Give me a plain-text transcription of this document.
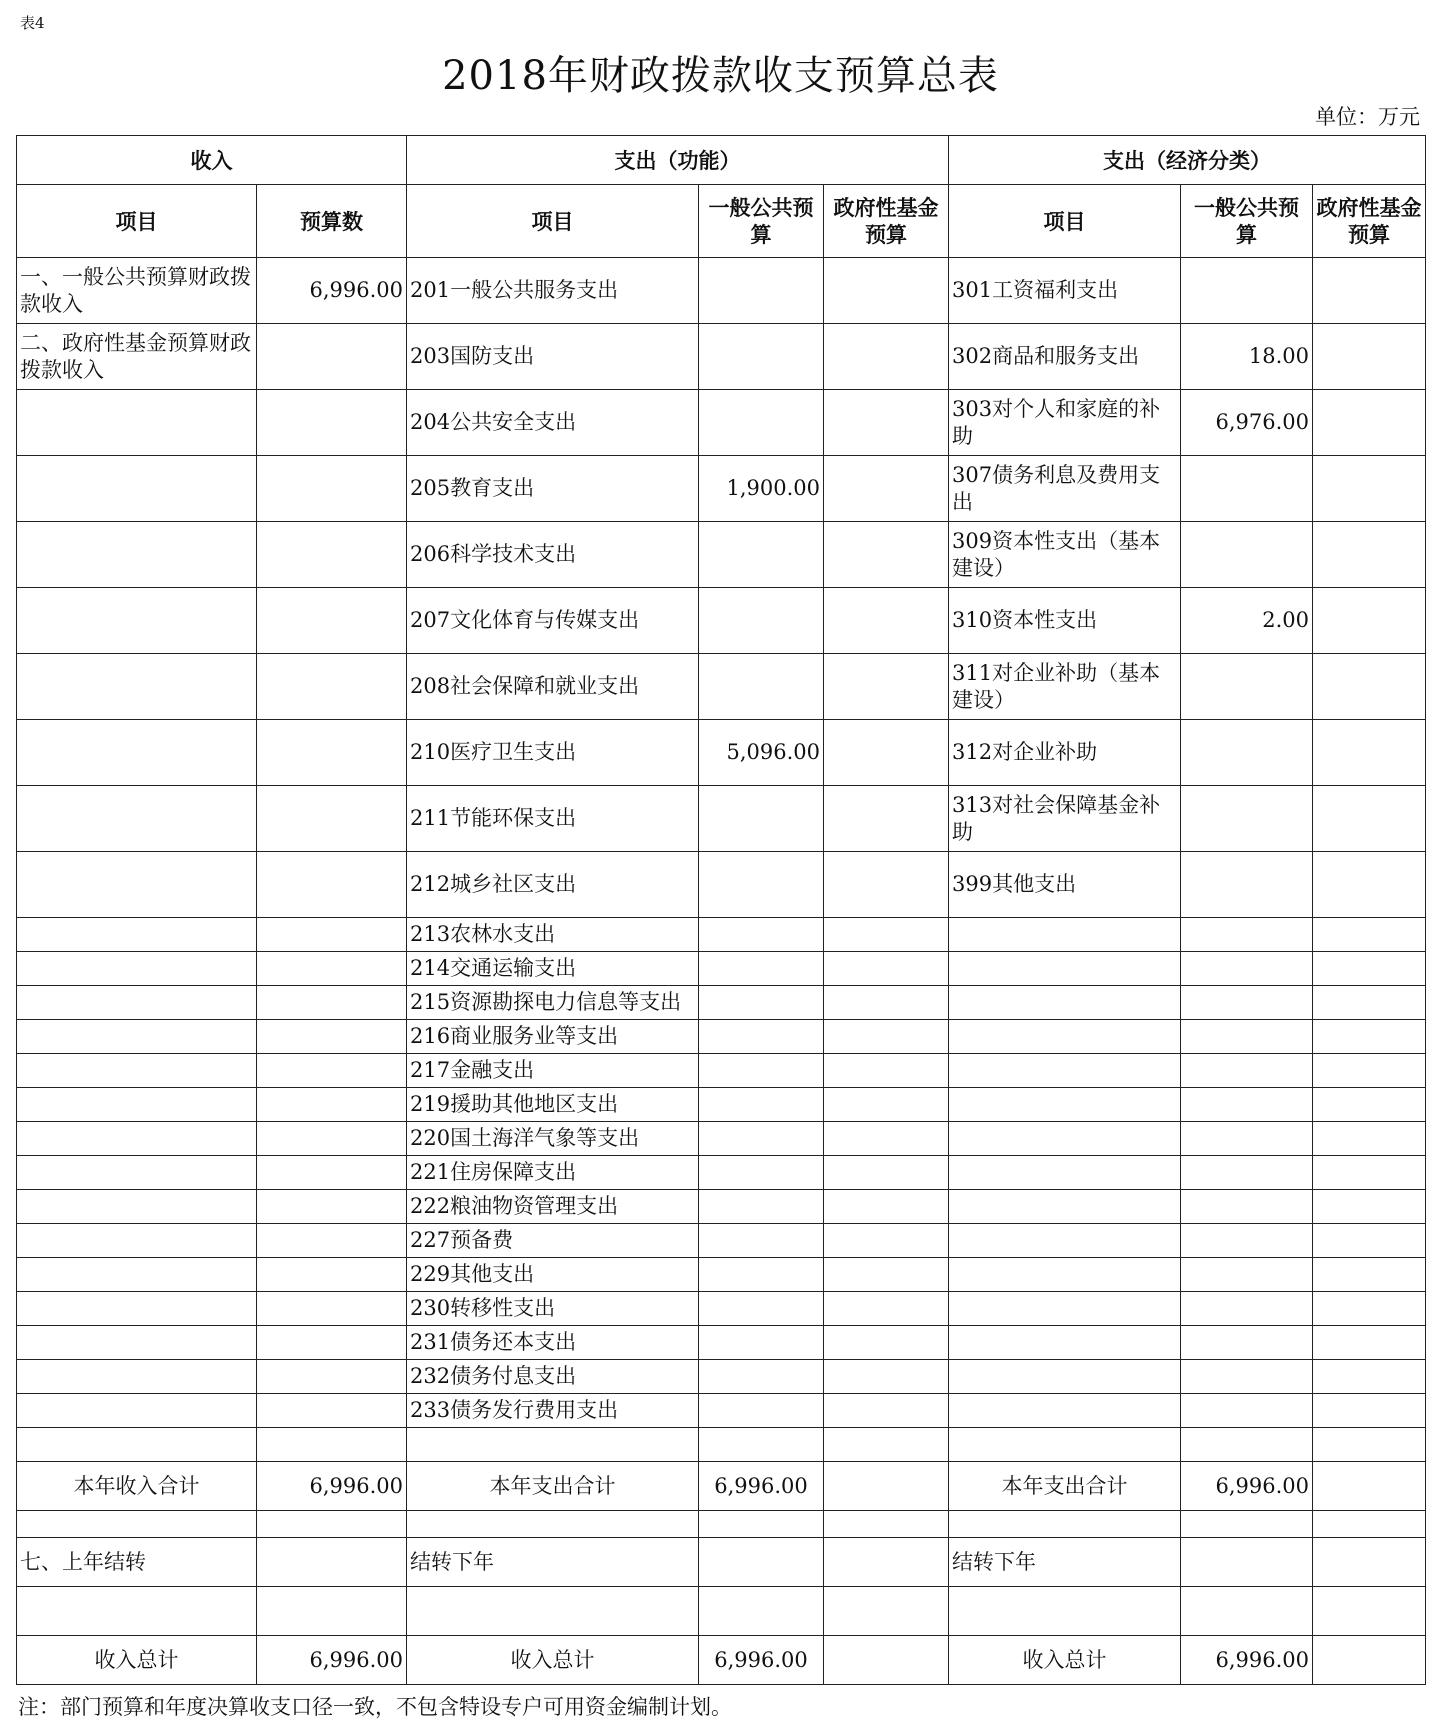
表4
2018年财政拨款收支预算总表
单位：万元
收入		支出（功能）			支出（经济分类）		
项目	预算数	项目	一般公共预算	政府性基金预算	项目	一般公共预算	政府性基金预算
一、一般公共预算财政拨款收入	6,996.00	201一般公共服务支出			301工资福利支出		
二、政府性基金预算财政拨款收入		203国防支出			302商品和服务支出	18.00	
		204公共安全支出			303对个人和家庭的补助	6,976.00	
		205教育支出	1,900.00		307债务利息及费用支出		
		206科学技术支出			309资本性支出（基本建设）		
		207文化体育与传媒支出			310资本性支出	2.00	
		208社会保障和就业支出			311对企业补助（基本建设）		
		210医疗卫生支出	5,096.00		312对企业补助		
		211节能环保支出			313对社会保障基金补助		
		212城乡社区支出			399其他支出		
		213农林水支出					
		214交通运输支出					
		215资源勘探电力信息等支出					
		216商业服务业等支出					
		217金融支出					
		219援助其他地区支出					
		220国土海洋气象等支出					
		221住房保障支出					
		222粮油物资管理支出					
		227预备费					
		229其他支出					
		230转移性支出					
		231债务还本支出					
		232债务付息支出					
		233债务发行费用支出					

本年收入合计	6,996.00	本年支出合计	6,996.00		本年支出合计	6,996.00	

七、上年结转		结转下年			结转下年		

收入总计	6,996.00	收入总计	6,996.00		收入总计	6,996.00	
注：部门预算和年度决算收支口径一致，不包含特设专户可用资金编制计划。
